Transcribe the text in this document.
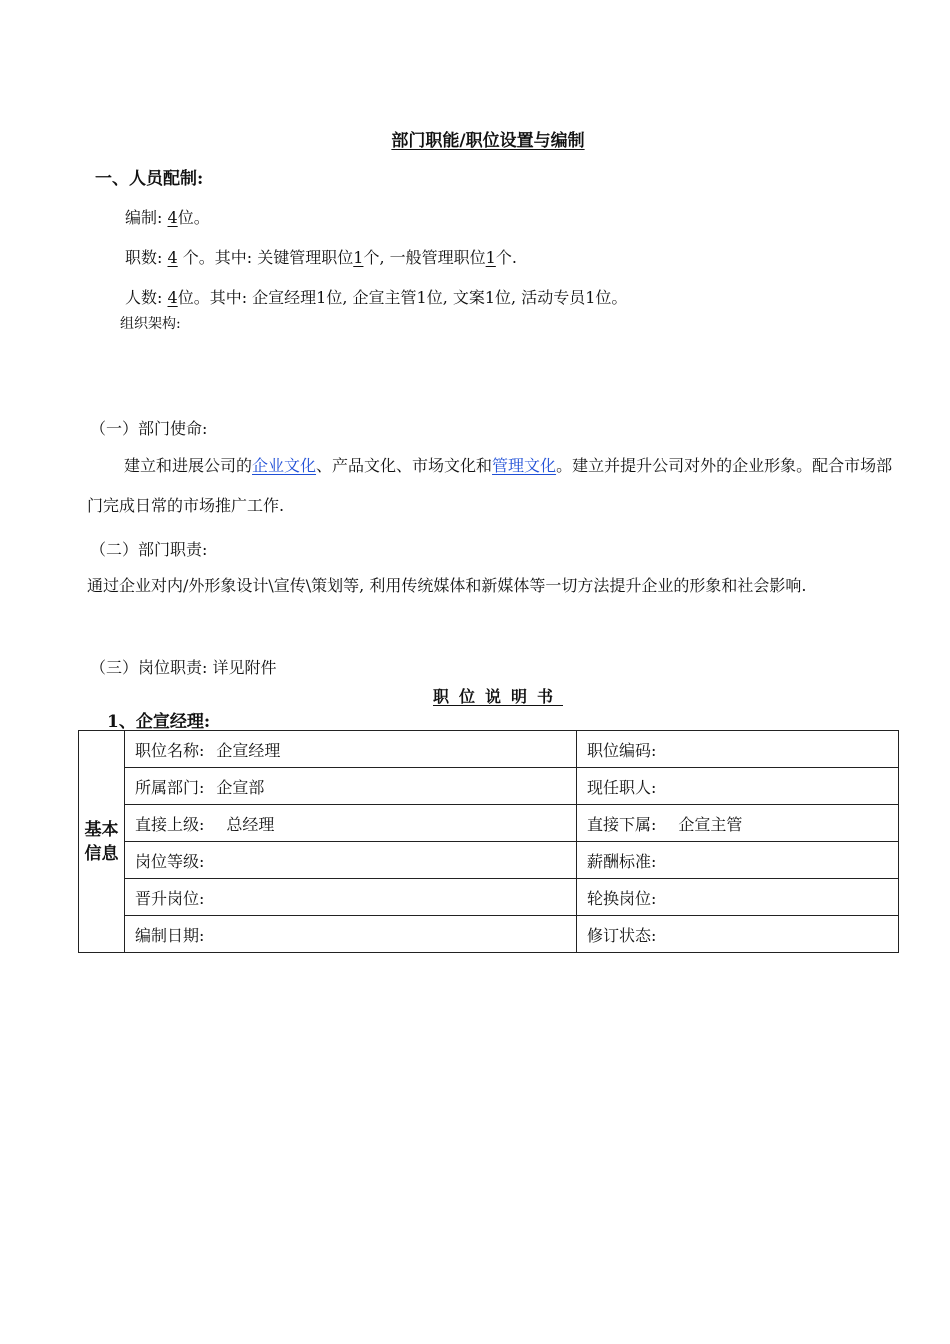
部门职能/职位设置与编制
一、人员配制:
编制: 4位。
职数: 4 个。其中: 关键管理职位1个, 一般管理职位1个.
人数: 4位。其中: 企宣经理1位, 企宣主管1位, 文案1位, 活动专员1位。
组织架构:
（一）部门使命:
建立和进展公司的企业文化、产品文化、市场文化和管理文化。建立并提升公司对外的企业形象。配合市场部门完成日常的市场推广工作.
（二）部门职责:
通过企业对内/外形象设计\宣传\策划等, 利用传统媒体和新媒体等一切方法提升企业的形象和社会影响.
（三）岗位职责: 详见附件
职位说明书
1、企宣经理:
基本
信息	职位名称: 企宣经理	职位编码:
	所属部门: 企宣部	现任职人:
	直接上级: 总经理	直接下属: 企宣主管
	岗位等级:	薪酬标准:
	晋升岗位:	轮换岗位:
	编制日期:	修订状态:
